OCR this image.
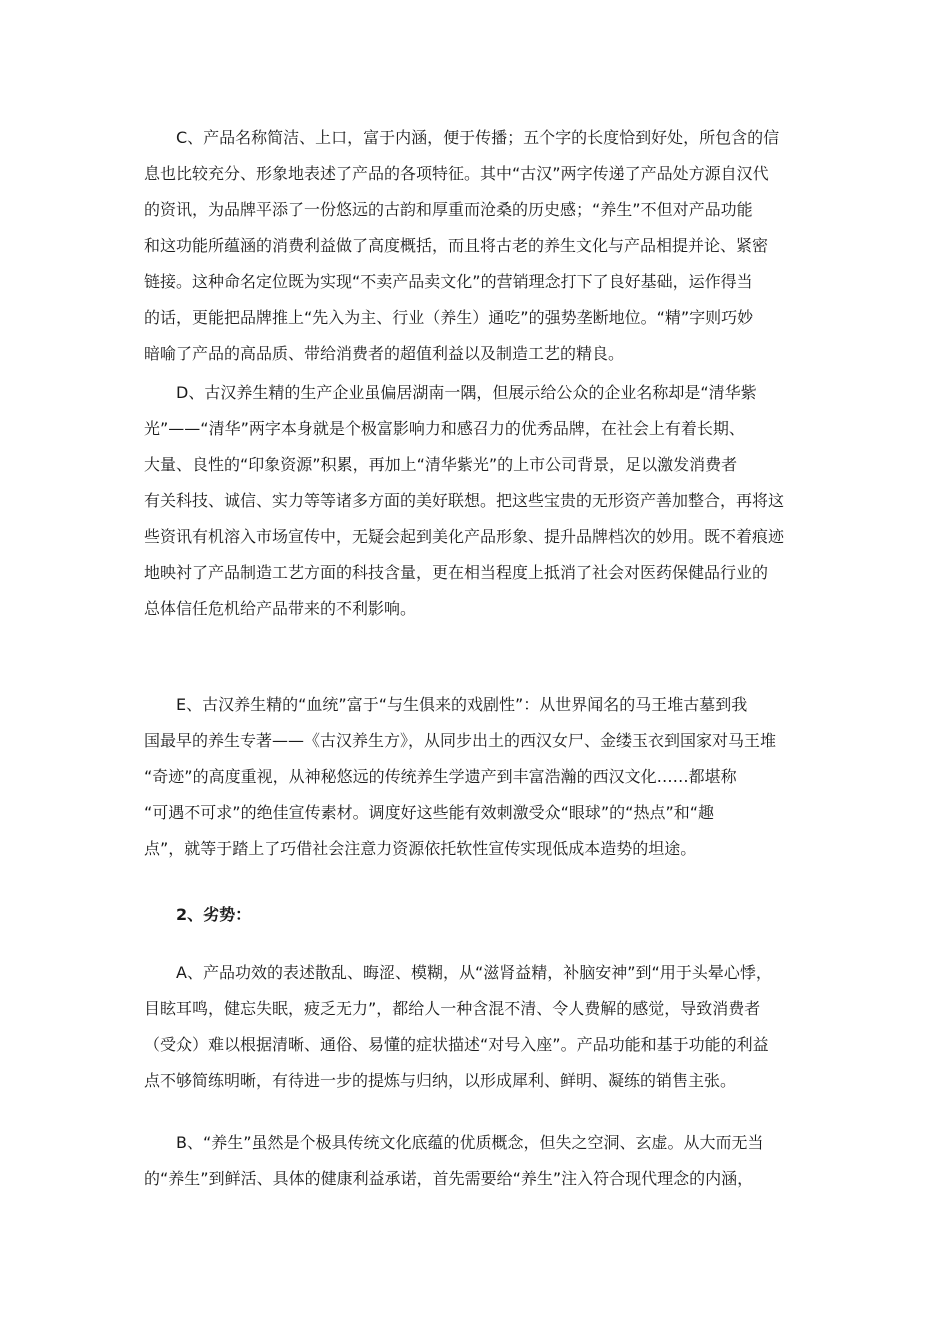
C、产品名称简洁、上口，富于内涵，便于传播；五个字的长度恰到好处，所包含的信
息也比较充分、形象地表述了产品的各项特征。其中“古汉”两字传递了产品处方源自汉代
的资讯，为品牌平添了一份悠远的古韵和厚重而沧桑的历史感；“养生”不但对产品功能
和这功能所蕴涵的消费利益做了高度概括，而且将古老的养生文化与产品相提并论、紧密
链接。这种命名定位既为实现“不卖产品卖文化”的营销理念打下了良好基础，运作得当
的话，更能把品牌推上“先入为主、行业（养生）通吃”的强势垄断地位。“精”字则巧妙
暗喻了产品的高品质、带给消费者的超值利益以及制造工艺的精良。
D、古汉养生精的生产企业虽偏居湖南一隅，但展示给公众的企业名称却是“清华紫
光”——“清华”两字本身就是个极富影响力和感召力的优秀品牌，在社会上有着长期、
大量、良性的“印象资源”积累，再加上“清华紫光”的上市公司背景，足以激发消费者
有关科技、诚信、实力等等诸多方面的美好联想。把这些宝贵的无形资产善加整合，再将这
些资讯有机溶入市场宣传中，无疑会起到美化产品形象、提升品牌档次的妙用。既不着痕迹
地映衬了产品制造工艺方面的科技含量，更在相当程度上抵消了社会对医药保健品行业的
总体信任危机给产品带来的不利影响。
E、古汉养生精的“血统”富于“与生俱来的戏剧性”：从世界闻名的马王堆古墓到我
国最早的养生专著——《古汉养生方》，从同步出土的西汉女尸、金缕玉衣到国家对马王堆
“奇迹”的高度重视，从神秘悠远的传统养生学遗产到丰富浩瀚的西汉文化……都堪称
“可遇不可求”的绝佳宣传素材。调度好这些能有效刺激受众“眼球”的“热点”和“趣
点”，就等于踏上了巧借社会注意力资源依托软性宣传实现低成本造势的坦途。
2、劣势：
A、产品功效的表述散乱、晦涩、模糊，从“滋肾益精，补脑安神”到“用于头晕心悸，
目眩耳鸣，健忘失眠，疲乏无力”，都给人一种含混不清、令人费解的感觉，导致消费者
（受众）难以根据清晰、通俗、易懂的症状描述“对号入座”。产品功能和基于功能的利益
点不够简练明晰，有待进一步的提炼与归纳，以形成犀利、鲜明、凝练的销售主张。
B、“养生”虽然是个极具传统文化底蕴的优质概念，但失之空洞、玄虚。从大而无当
的“养生”到鲜活、具体的健康利益承诺，首先需要给“养生”注入符合现代理念的内涵，
